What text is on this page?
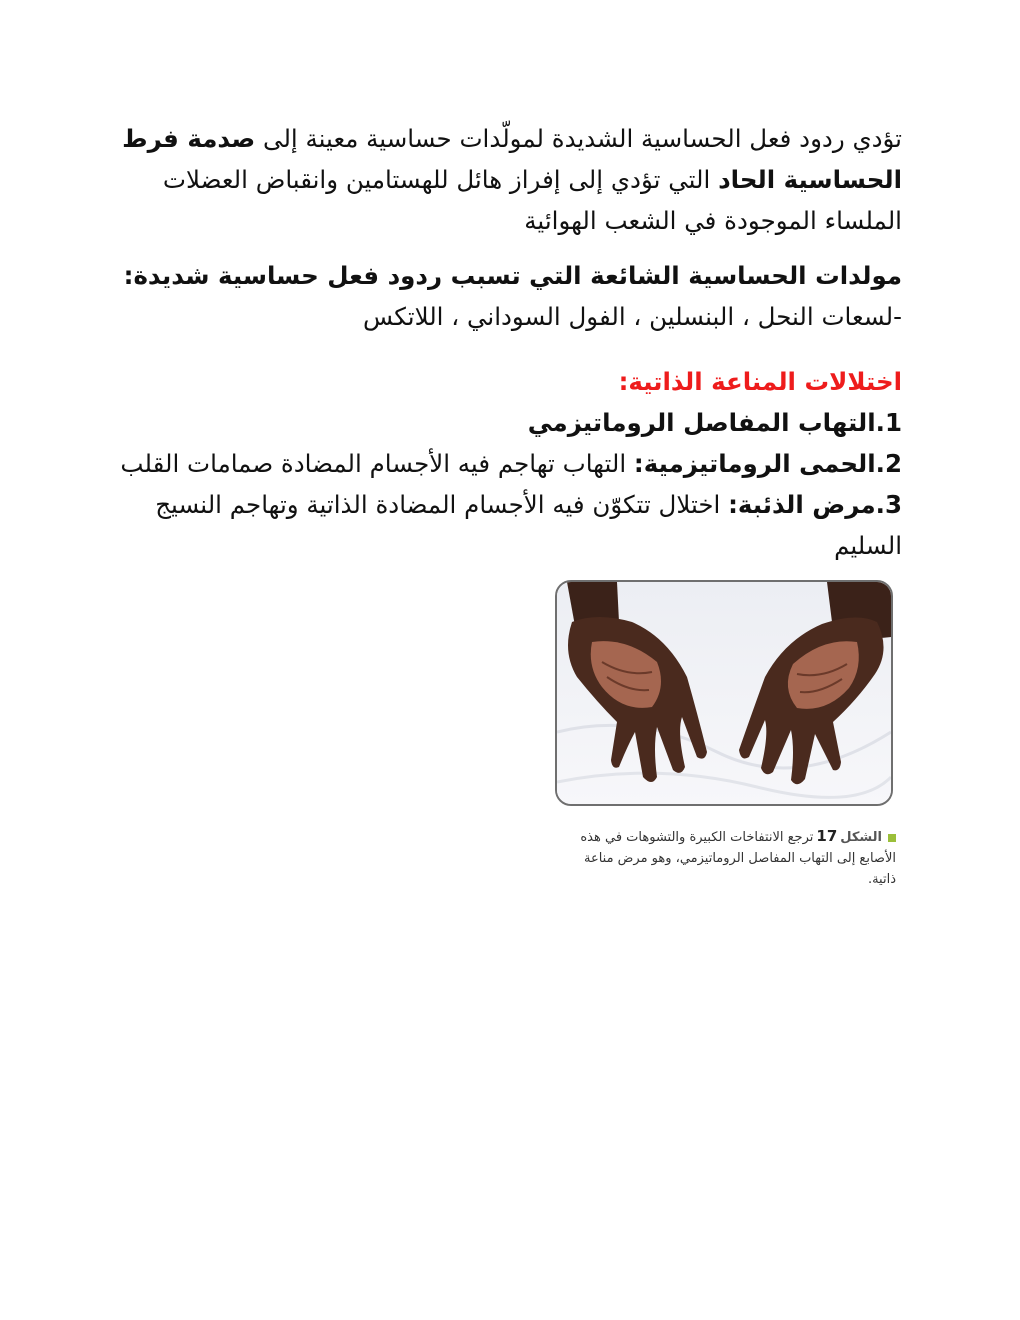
تؤدي ردود فعل الحساسية الشديدة لمولّدات حساسية معينة إلى صدمة فرط الحساسية الحاد التي تؤدي إلى إفراز هائل للهستامين وانقباض العضلات الملساء الموجودة في الشعب الهوائية

مولدات الحساسية الشائعة التي تسبب ردود فعل حساسية شديدة:

-لسعات النحل ، البنسلين ، الفول السوداني ، اللاتكس

اختلالات المناعة الذاتية:

1.التهاب المفاصل الروماتيزمي

2.الحمى الروماتيزمية: التهاب تهاجم فيه الأجسام المضادة صمامات القلب

3.مرض الذئبة: اختلال تتكوّن فيه الأجسام المضادة الذاتية وتهاجم النسيج السليم

الشكل17ترجع الانتفاخات الكبيرة والتشوهات في هذه الأصابع إلى التهاب المفاصل الروماتيزمي، وهو مرض مناعة ذاتية.
